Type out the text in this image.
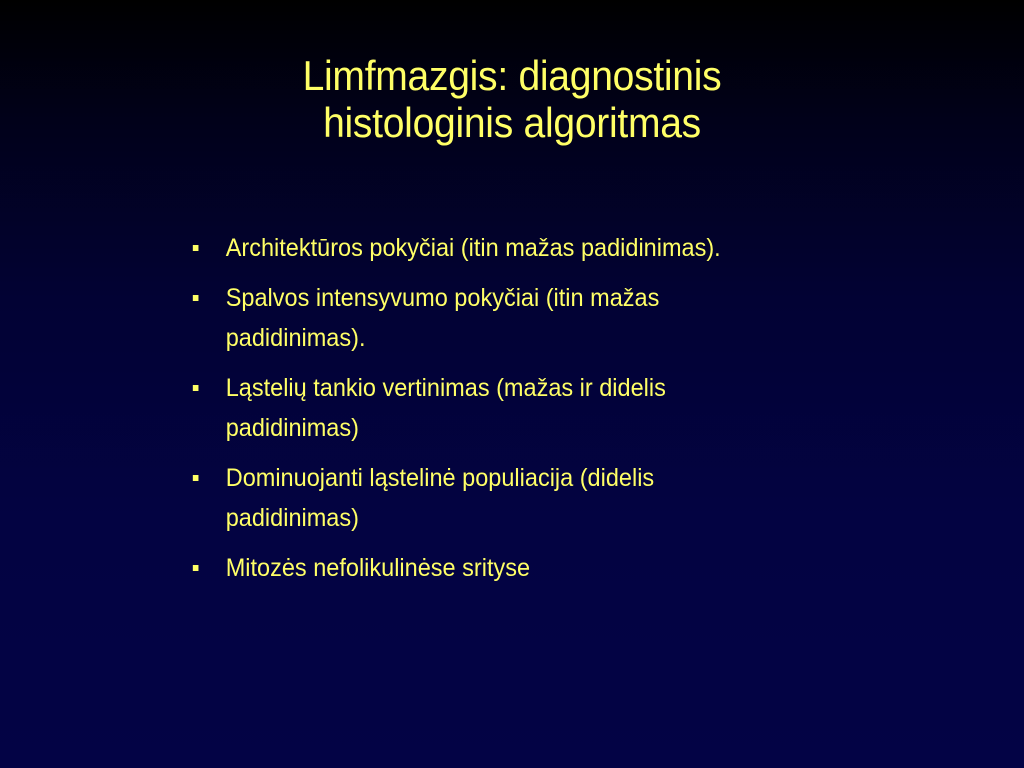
Limfmazgis: diagnostinis
histologinis algoritmas
Architektūros pokyčiai (itin mažas padidinimas).
Spalvos intensyvumo pokyčiai (itin mažas
padidinimas).
Ląstelių tankio vertinimas (mažas ir didelis
padidinimas)
Dominuojanti ląstelinė populiacija (didelis
padidinimas)
Mitozės nefolikulinėse srityse
